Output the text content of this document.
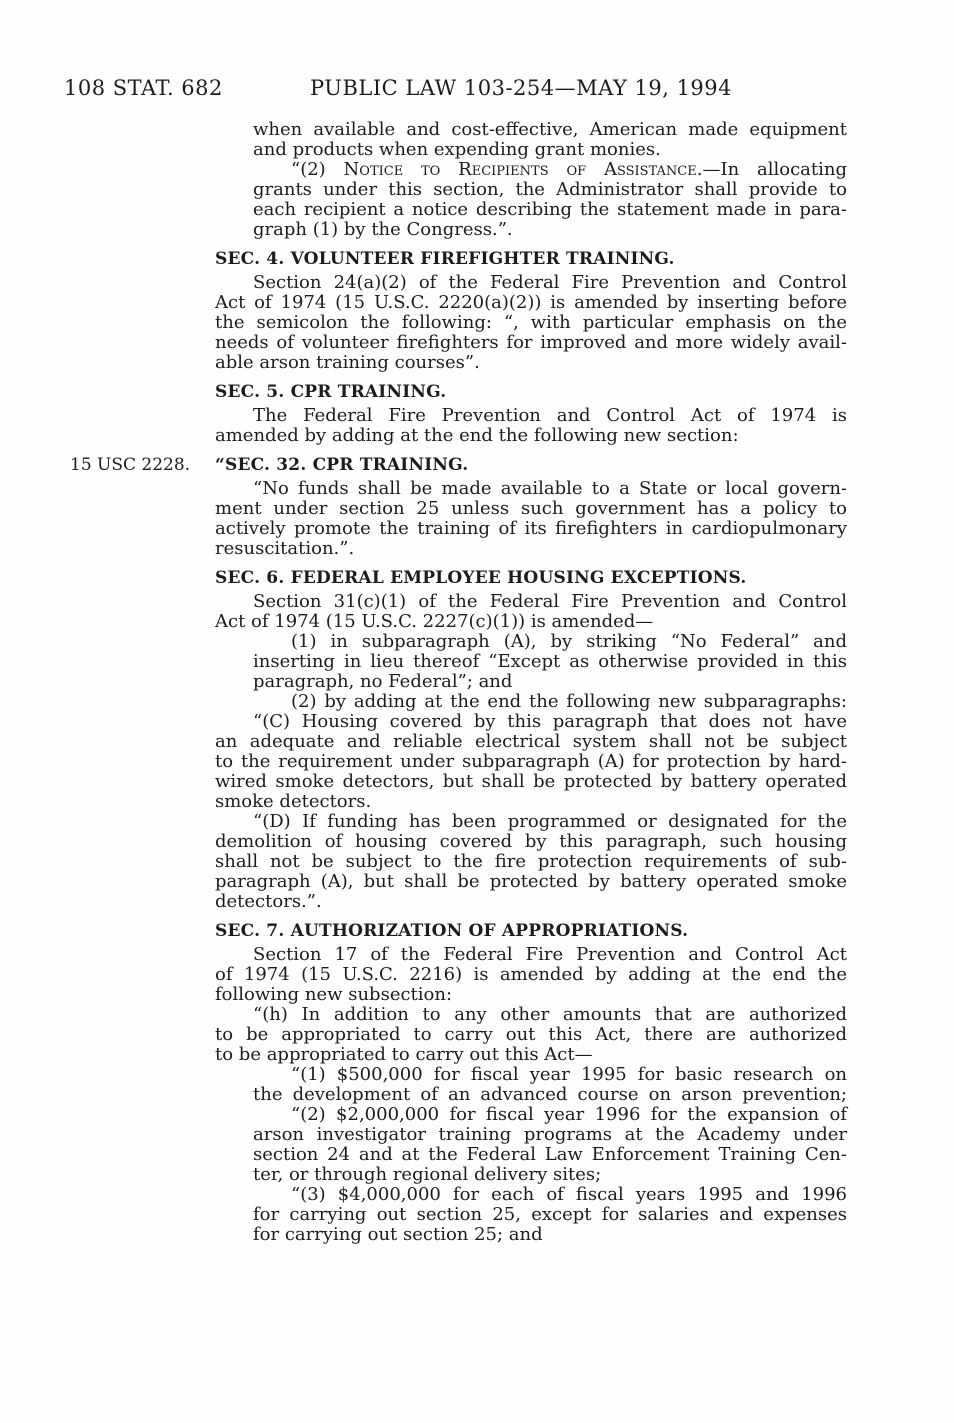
108 STAT. 682	PUBLIC LAW 103-254—MAY 19, 1994
15 USC 2228.
when available and cost-effective, American made equipment
and products when expending grant monies.
“(2) Notice to Recipients of Assistance.—In allocating
grants under this section, the Administrator shall provide to
each recipient a notice describing the statement made in para-
graph (1) by the Congress.”.
SEC. 4. VOLUNTEER FIREFIGHTER TRAINING.
Section 24(a)(2) of the Federal Fire Prevention and Control
Act of 1974 (15 U.S.C. 2220(a)(2)) is amended by inserting before
the semicolon the following: “, with particular emphasis on the
needs of volunteer firefighters for improved and more widely avail-
able arson training courses”.
SEC. 5. CPR TRAINING.
The Federal Fire Prevention and Control Act of 1974 is
amended by adding at the end the following new section:
“SEC. 32. CPR TRAINING.
“No funds shall be made available to a State or local govern-
ment under section 25 unless such government has a policy to
actively promote the training of its firefighters in cardiopulmonary
resuscitation.”.
SEC. 6. FEDERAL EMPLOYEE HOUSING EXCEPTIONS.
Section 31(c)(1) of the Federal Fire Prevention and Control
Act of 1974 (15 U.S.C. 2227(c)(1)) is amended—
(1) in subparagraph (A), by striking “No Federal” and
inserting in lieu thereof “Except as otherwise provided in this
paragraph, no Federal”; and
(2) by adding at the end the following new subparagraphs:
“(C) Housing covered by this paragraph that does not have
an adequate and reliable electrical system shall not be subject
to the requirement under subparagraph (A) for protection by hard-
wired smoke detectors, but shall be protected by battery operated
smoke detectors.
“(D) If funding has been programmed or designated for the
demolition of housing covered by this paragraph, such housing
shall not be subject to the fire protection requirements of sub-
paragraph (A), but shall be protected by battery operated smoke
detectors.”.
SEC. 7. AUTHORIZATION OF APPROPRIATIONS.
Section 17 of the Federal Fire Prevention and Control Act
of 1974 (15 U.S.C. 2216) is amended by adding at the end the
following new subsection:
“(h) In addition to any other amounts that are authorized
to be appropriated to carry out this Act, there are authorized
to be appropriated to carry out this Act—
“(1) $500,000 for fiscal year 1995 for basic research on
the development of an advanced course on arson prevention;
“(2) $2,000,000 for fiscal year 1996 for the expansion of
arson investigator training programs at the Academy under
section 24 and at the Federal Law Enforcement Training Cen-
ter, or through regional delivery sites;
“(3) $4,000,000 for each of fiscal years 1995 and 1996
for carrying out section 25, except for salaries and expenses
for carrying out section 25; and
